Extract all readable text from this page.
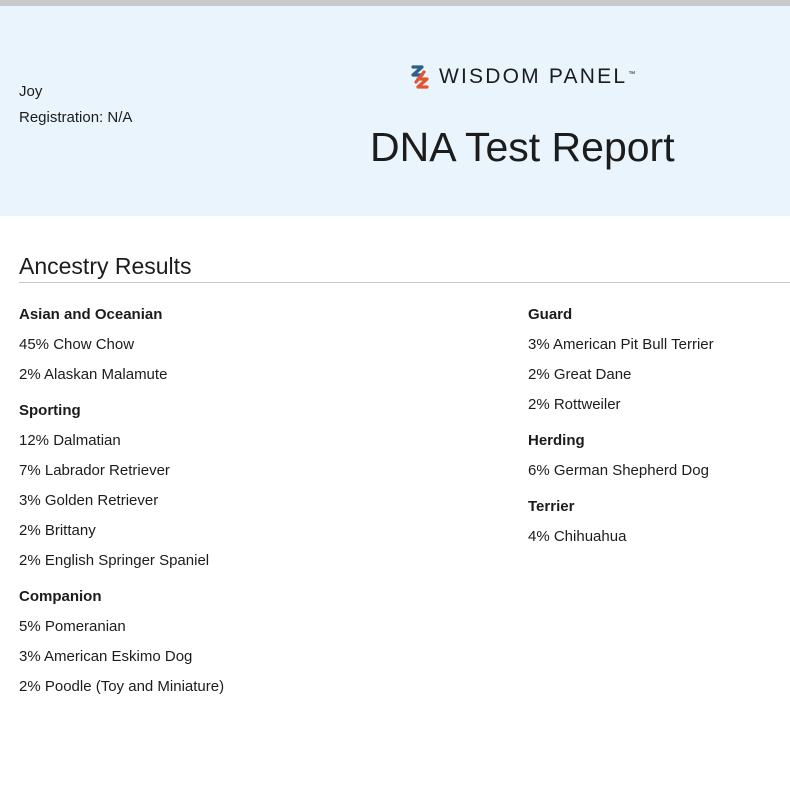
Joy
Registration: N/A
WISDOM PANEL™
DNA Test Report
Ancestry Results
Asian and Oceanian
45% Chow Chow
2% Alaskan Malamute
Sporting
12% Dalmatian
7% Labrador Retriever
3% Golden Retriever
2% Brittany
2% English Springer Spaniel
Companion
5% Pomeranian
3% American Eskimo Dog
2% Poodle (Toy and Miniature)
Guard
3% American Pit Bull Terrier
2% Great Dane
2% Rottweiler
Herding
6% German Shepherd Dog
Terrier
4% Chihuahua
